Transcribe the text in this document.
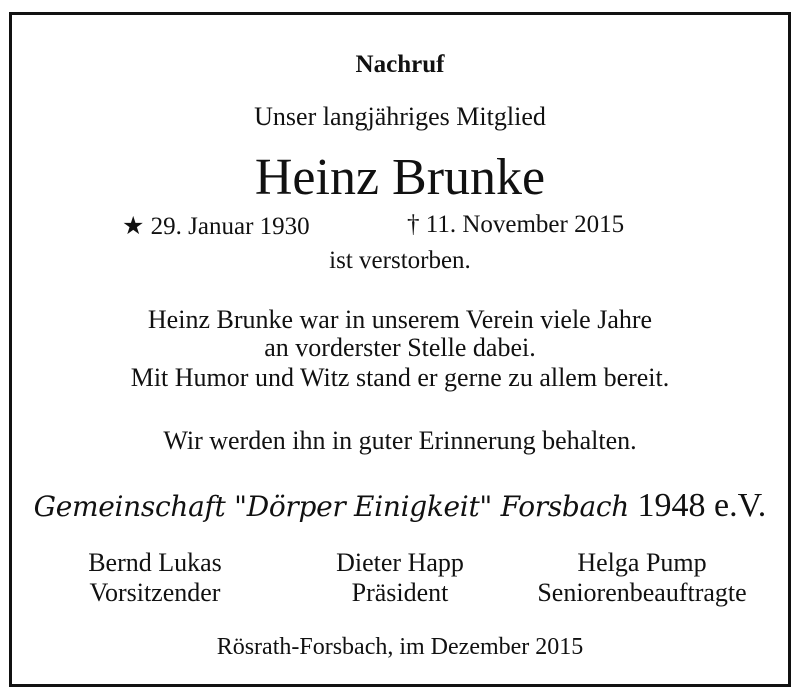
Nachruf
Unser langjähriges Mitglied
Heinz Brunke
★ 29. Januar 1930	† 11. November 2015
ist verstorben.
Heinz Brunke war in unserem Verein viele Jahre
an vorderster Stelle dabei.
Mit Humor und Witz stand er gerne zu allem bereit.
Wir werden ihn in guter Erinnerung behalten.
Gemeinschaft "Dörper Einigkeit" Forsbach 1948 e.V.
Bernd Lukas
Vorsitzender
Dieter Happ
Präsident
Helga Pump
Seniorenbeauftragte
Rösrath-Forsbach, im Dezember 2015
